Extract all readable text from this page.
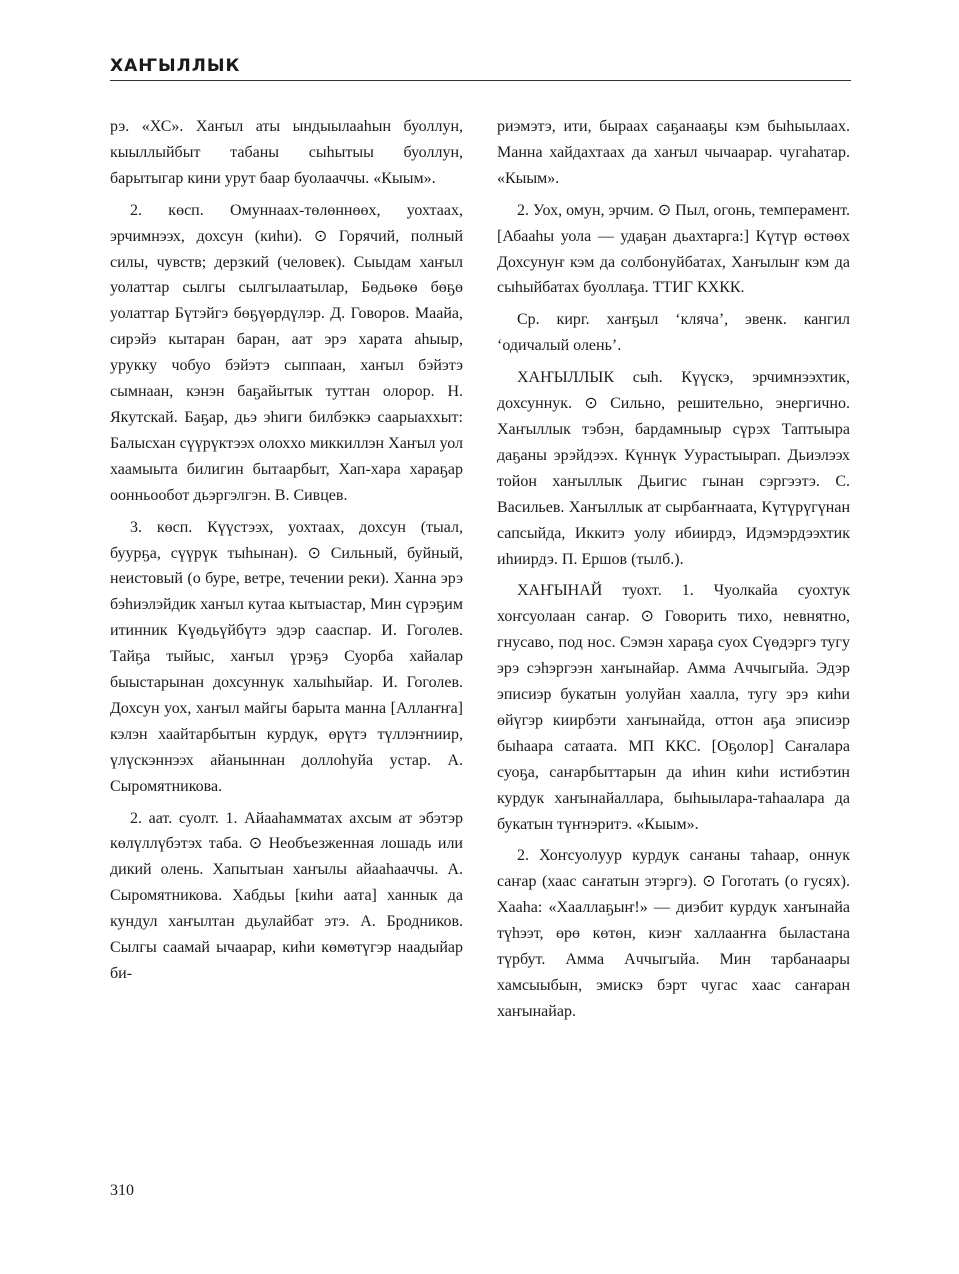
ХАҤЫЛЛЫК

рэ. «ХС». Хаҥыл аты ындыылааһын буоллун, кыыллыйбыт табаны сыһытыы буоллун, барытыгар кини урут баар буолааччы. «Кыым».

2. көсп. Омуннаах-төлөннөөх, уохтаах, эрчимнээх, дохсун (киһи). ⊙ Горячий, полный силы, чувств; дерзкий (человек). Сыыдам хаҥыл уолаттар сылгы сылгылаатылар, Бөдьөкө бөҕө уолаттар Бүтэйгэ бөҕүөрдүлэр. Д. Говоров. Маайа, сирэйэ кытаран баран, аат эрэ харата аһыыр, урукку чобуо бэйэтэ сыппаан, хаҥыл бэйэтэ сымнаан, кэнэн баҕайытык туттан олорор. Н. Якутскай. Баҕар, дьэ эһиги билбэккэ саарыаххыт: Балысхан сүүрүктээх олоххо миккиллэн Хаҥыл уол хаамыыта билигин бытаарбыт, Хап-хара хараҕар оонньообот дьэргэлгэн. В. Сивцев.

3. көсп. Күүстээх, уохтаах, дохсун (тыал, буурҕа, сүүрүк тыһынан). ⊙ Сильный, буйный, неистовый (о буре, ветре, течении реки). Ханна эрэ бэһиэлэйдик хаҥыл кутаа кытыастар, Мин сүрэҕим итинник Күөдьүйбүтэ эдэр сааспар. И. Гоголев. Тайҕа тыйыс, хаҥыл үрэҕэ Суорба хайалар быыстарынан дохсуннук халыһыйар. И. Гоголев. Дохсун уох, хаҥыл майгы барыта манна [Аллаҥҥа] кэлэн хаайтарбытын курдук, өрүтэ түллэҥниир, үлүскэннээх айаныннан доллоһуйа устар. А. Сыромятникова.

2. аат. суолт. 1. Айааһамматах ахсым ат эбэтэр көлүллүбэтэх таба. ⊙ Необъезженная лошадь или дикий олень. Хапытыан хаҥылы айааһааччы. А. Сыромятникова. Хабдьы [киһи аата] ханнык да кундул хаҥылтан дьулайбат этэ. А. Бродников. Сылгы саамай ычаарар, киһи көмөтүгэр наадыйар би-

риэмэтэ, ити, быраах саҕанааҕы кэм быһыылаах. Манна хайдахтаах да хаҥыл чычаарар. чугаһатар. «Кыым».

2. Уох, омун, эрчим. ⊙ Пыл, огонь, темперамент. [Абааһы уола — удаҕан дьахтарга:] Күтүр өстөөх Дохсунуҥ кэм да солбонуйбатах, Хаҥылыҥ кэм да сыһыйбатах буоллаҕа. ТТИГ КХКК.

Ср. кирг. хаҥҕыл ‘кляча’, эвенк. кангил ‘одичалый олень’.

ХАҤЫЛЛЫК сыһ. Күүскэ, эрчимнээхтик, дохсуннук. ⊙ Сильно, решительно, энергично. Хаҥыллык тэбэн, бардамныыр сүрэх Таптыыра даҕаны эрэйдээх. Күннүк Уурастыырап. Дьиэлээх тойон хаҥыллык Дьигис гынан сэргээтэ. С. Васильев. Хаҥыллык ат сырбаҥнаата, Күтүрүгүнан сапсыйда, Иккитэ уолу ибиирдэ, Идэмэрдээхтик иһиирдэ. П. Ершов (тылб.).

ХАҤЫНАЙ туохт. 1. Чуолкайа суохтук хоҥсуолаан саҥар. ⊙ Говорить тихо, невнятно, гнусаво, под нос. Сэмэн хараҕа суох Сүөдэргэ тугу эрэ сэһэргээн хаҥынайар. Амма Аччыгыйа. Эдэр эписиэр букатын уолуйан хаалла, тугу эрэ киһи өйүгэр киирбэти хаҥынайда, оттон аҕа эписиэр быһаара сатаата. МП ККС. [Оҕолор] Саҥалара суоҕа, саҥарбыттарын да иһин киһи истибэтин курдук хаҥынайаллара, быһыылара-таһаалара да букатын түҥнэритэ. «Кыым».

2. Хоҥсуолуур курдук саҥаны таһаар, оннук саҥар (хаас саҥатын этэргэ). ⊙ Гоготать (о гусях). Хааһа: «Хааллаҕыҥ!» — диэбит курдук хаҥынайа түһээт, өрө көтөн, киэҥ халлааҥҥа быластана түрбут. Амма Аччыгыйа. Мин тарбанаары хамсыыбын, эмискэ бэрт чугас хаас саҥаран хаҥынайар.

310
